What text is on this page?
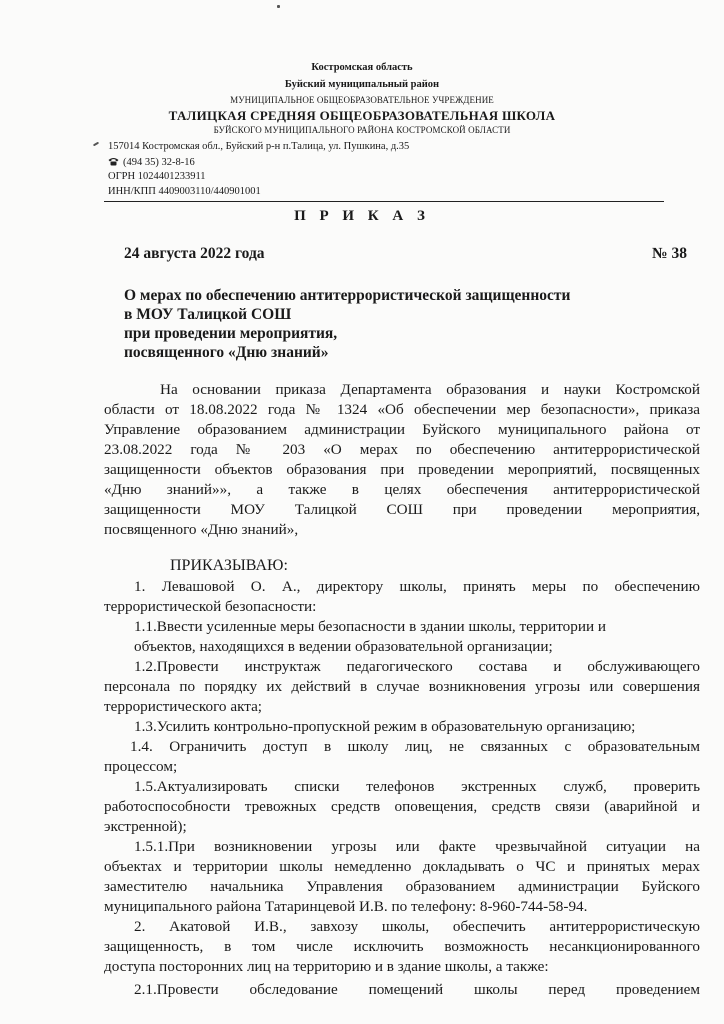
Костромская область
Буйский муниципальный район
МУНИЦИПАЛЬНОЕ ОБЩЕОБРАЗОВАТЕЛЬНОЕ УЧРЕЖДЕНИЕ
ТАЛИЦКАЯ СРЕДНЯЯ ОБЩЕОБРАЗОВАТЕЛЬНАЯ ШКОЛА
БУЙСКОГО МУНИЦИПАЛЬНОГО РАЙОНА КОСТРОМСКОЙ ОБЛАСТИ
157014 Костромская обл., Буйский р-н п.Талица, ул. Пушкина, д.35
(494 35) 32-8-16
ОГРН 1024401233911
ИНН/КПП 4409003110/440901001
П Р И К А З
24 августа 2022 года	№ 38
О мерах по обеспечению антитеррористической защищенности
в МОУ Талицкой СОШ
при проведении мероприятия,
посвященного «Дню знаний»
На основании приказа Департамента образования и науки Костромской
области от 18.08.2022 года № 1324 «Об обеспечении мер безопасности», приказа
Управление образованием администрации Буйского муниципального района от
23.08.2022 года № 203 «О мерах по обеспечению антитеррористической
защищенности объектов образования при проведении мероприятий, посвященных
«Дню знаний»», а также в целях обеспечения антитеррористической
защищенности МОУ Талицкой СОШ при проведении мероприятия,
посвященного «Дню знаний»,
ПРИКАЗЫВАЮ:
1. Левашовой О. А., директору школы, принять меры по обеспечению
террористической безопасности:
1.1.Ввести усиленные меры безопасности в здании школы, территории и
объектов, находящихся в ведении образовательной организации;
1.2.Провести инструктаж педагогического состава и обслуживающего
персонала по порядку их действий в случае возникновения угрозы или совершения
террористического акта;
1.3.Усилить контрольно-пропускной режим в образовательную организацию;
1.4. Ограничить доступ в школу лиц, не связанных с образовательным
процессом;
1.5.Актуализировать списки телефонов экстренных служб, проверить
работоспособности тревожных средств оповещения, средств связи (аварийной и
экстренной);
1.5.1.При возникновении угрозы или факте чрезвычайной ситуации на
объектах и территории школы немедленно докладывать о ЧС и принятых мерах
заместителю начальника Управления образованием администрации Буйского
муниципального района Татаринцевой И.В. по телефону: 8-960-744-58-94.
2. Акатовой И.В., завхозу школы, обеспечить антитеррористическую
защищенность, в том числе исключить возможность несанкционированного
доступа посторонних лиц на территорию и в здание школы, а также:
2.1.Провести обследование помещений школы перед проведением
